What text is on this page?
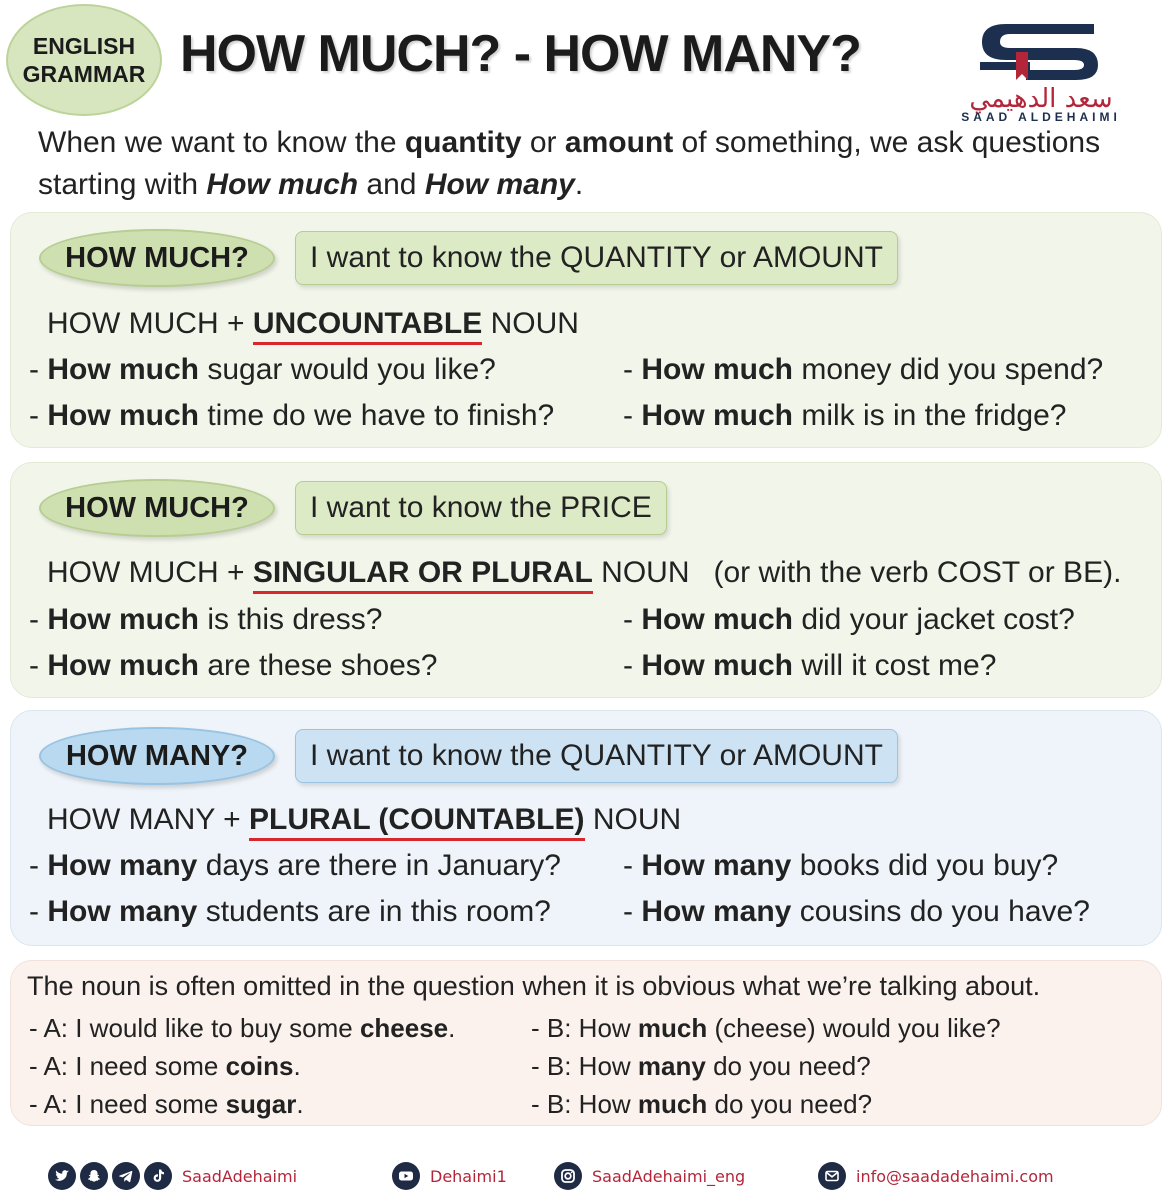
ENGLISH
GRAMMAR HOW MUCH? - HOW MANY?
سعد الدهيمي
SAAD ALDEHAIMI
When we want to know the quantity or amount of something, we ask questions starting with How much and How many.
HOW MUCH?	I want to know the QUANTITY or AMOUNT
HOW MUCH + UNCOUNTABLE NOUN
- How much sugar would you like?	- How much money did you spend?
- How much time do we have to finish? - How much milk is in the fridge?
HOW MUCH?	I want to know the PRICE
HOW MUCH + SINGULAR OR PLURAL NOUN (or with the verb COST or BE).
- How much is this dress?	- How much did your jacket cost?
- How much are these shoes?	- How much will it cost me?
HOW MANY?	I want to know the QUANTITY or AMOUNT
HOW MANY + PLURAL (COUNTABLE) NOUN
- How many days are there in January? - How many books did you buy?
- How many students are in this room? - How many cousins do you have?
The noun is often omitted in the question when it is obvious what we’re talking about.
- A: I would like to buy some cheese.	- B: How much (cheese) would you like?
- A: I need some coins.	- B: How many do you need?
- A: I need some sugar.	- B: How much do you need?
SaadAdehaimi	Dehaimi1	SaadAdehaimi_eng	info@saadadehaimi.com
